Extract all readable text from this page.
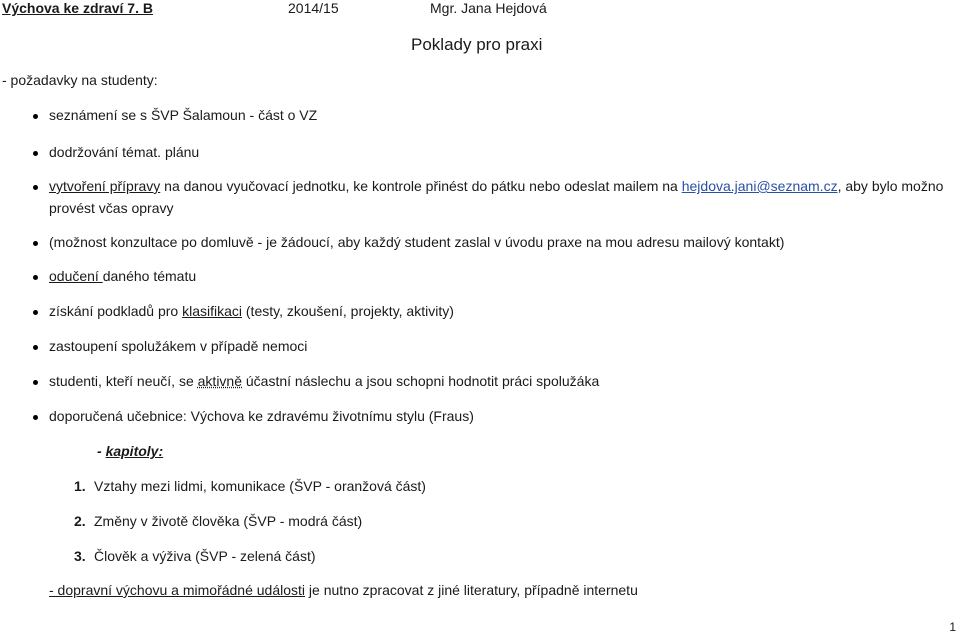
Výchova ke zdraví 7. B	2014/15	Mgr. Jana Hejdová
Poklady pro praxi
- požadavky na studenty:
seznámení se s ŠVP Šalamoun - část o VZ
dodržování témat. plánu
vytvoření přípravy na danou vyučovací jednotku, ke kontrole přinést do pátku nebo odeslat mailem na hejdova.jani@seznam.cz, aby bylo možno
provést včas opravy
(možnost konzultace po domluvě - je žádoucí, aby každý student zaslal v úvodu praxe na mou adresu mailový kontakt)
odučení daného tématu
získání podkladů pro klasifikaci (testy, zkoušení, projekty, aktivity)
zastoupení spolužákem v případě nemoci
studenti, kteří neučí, se aktivně účastní náslechu a jsou schopni hodnotit práci spolužáka
doporučená učebnice: Výchova ke zdravému životnímu stylu (Fraus)
- kapitoly:
1. Vztahy mezi lidmi, komunikace (ŠVP - oranžová část)
2. Změny v životě člověka (ŠVP - modrá část)
3. Člověk a výživa (ŠVP - zelená část)
- dopravní výchovu a mimořádné události je nutno zpracovat z jiné literatury, případně internetu
1
